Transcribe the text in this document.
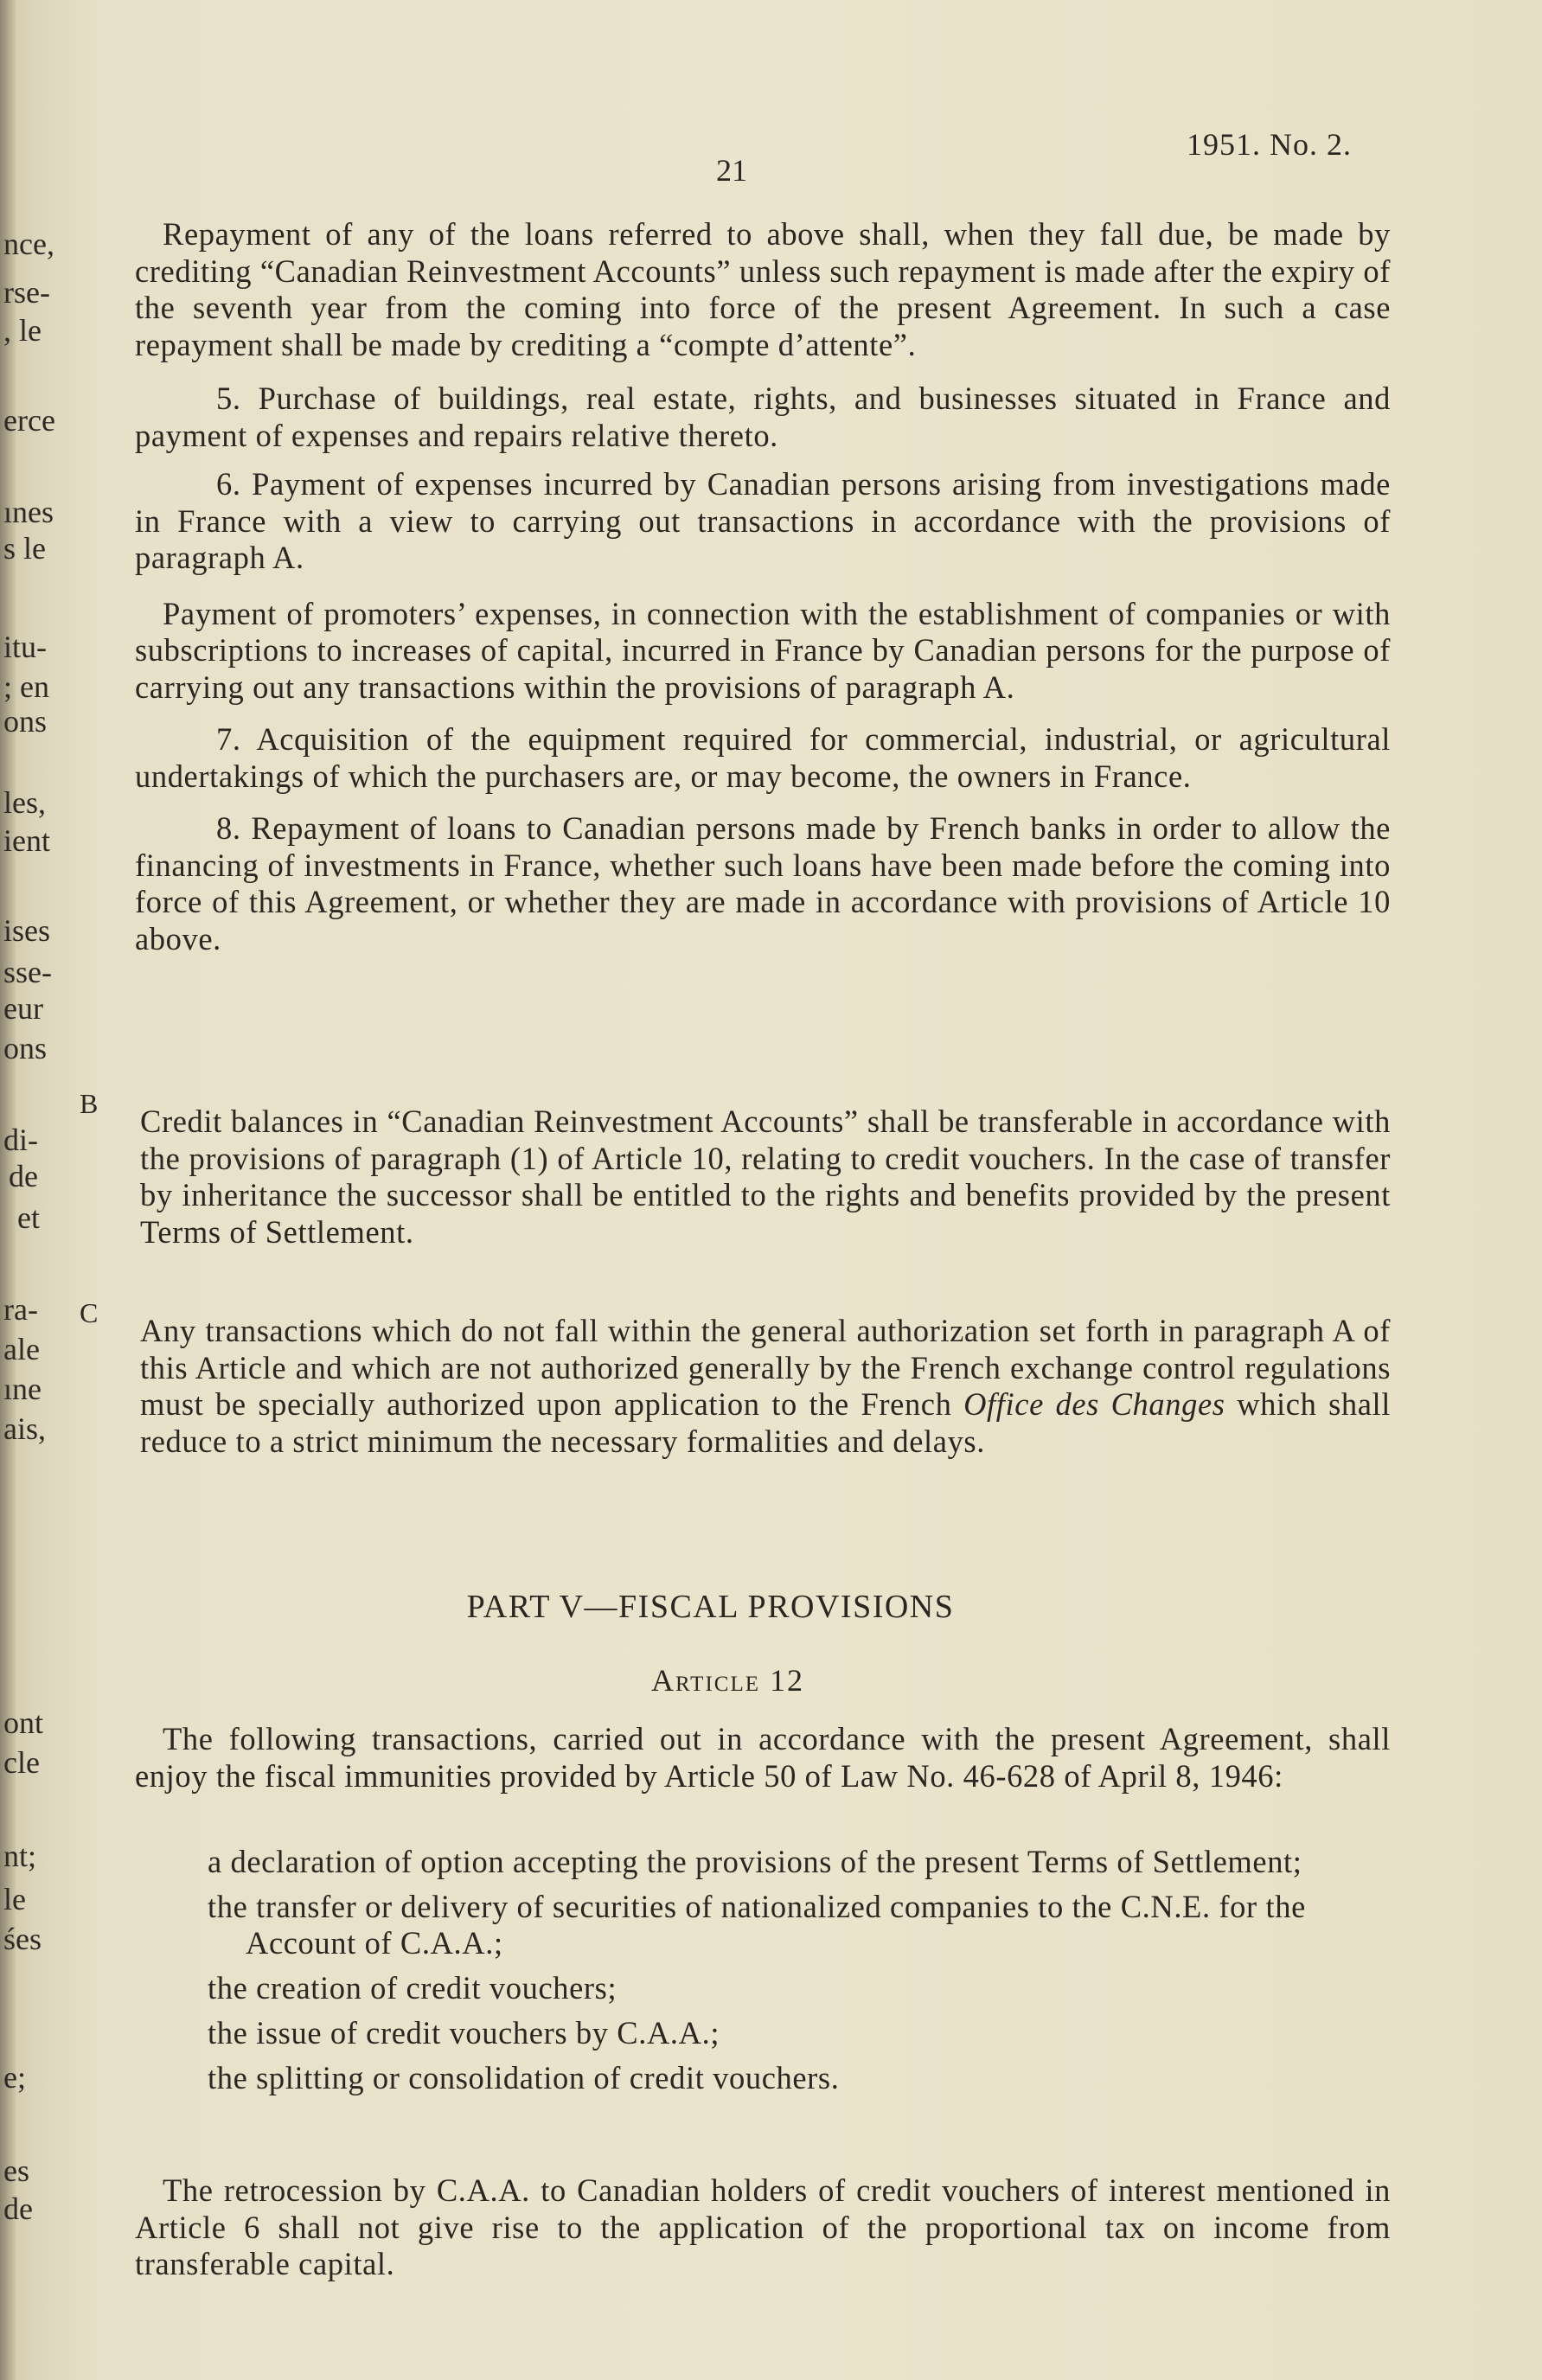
nce,
rse-
, le
erce
ınes
s le
itu-
; en
ons
les,
ient
ises
sse-
eur
ons
di-
de
et
ra-
ale
ıne
ais,
ont
cle
nt;
le
śes
e;
es
de
1951. No. 2.
21

Repayment of any of the loans referred to above shall, when they fall due, be made by crediting “Canadian Reinvestment Accounts” unless such repayment is made after the expiry of the seventh year from the coming into force of the present Agreement. In such a case repayment shall be made by crediting a “compte d’attente”.

5. Purchase of buildings, real estate, rights, and businesses situated in France and payment of expenses and repairs relative thereto.

6. Payment of expenses incurred by Canadian persons arising from investigations made in France with a view to carrying out transactions in accordance with the provisions of paragraph A.

Payment of promoters’ expenses, in connection with the establishment of companies or with subscriptions to increases of capital, incurred in France by Canadian persons for the purpose of carrying out any transactions within the provisions of paragraph A.

7. Acquisition of the equipment required for commercial, industrial, or agricultural undertakings of which the purchasers are, or may become, the owners in France.

8. Repayment of loans to Canadian persons made by French banks in order to allow the financing of investments in France, whether such loans have been made before the coming into force of this Agreement, or whether they are made in accordance with provisions of Article 10 above.

B Credit balances in “Canadian Reinvestment Accounts” shall be transferable in accordance with the provisions of paragraph (1) of Article 10, relating to credit vouchers. In the case of transfer by inheritance the successor shall be entitled to the rights and benefits provided by the present Terms of Settlement.

C Any transactions which do not fall within the general authorization set forth in paragraph A of this Article and which are not authorized generally by the French exchange control regulations must be specially authorized upon application to the French Office des Changes which shall reduce to a strict minimum the necessary formalities and delays.

PART V—FISCAL PROVISIONS
Article 12

The following transactions, carried out in accordance with the present Agreement, shall enjoy the fiscal immunities provided by Article 50 of Law No. 46-628 of April 8, 1946:

a declaration of option accepting the provisions of the present Terms of Settlement;

the transfer or delivery of securities of nationalized companies to the C.N.E. for the Account of C.A.A.;

the creation of credit vouchers;

the issue of credit vouchers by C.A.A.;

the splitting or consolidation of credit vouchers.

The retrocession by C.A.A. to Canadian holders of credit vouchers of interest mentioned in Article 6 shall not give rise to the application of the proportional tax on income from transferable capital.
